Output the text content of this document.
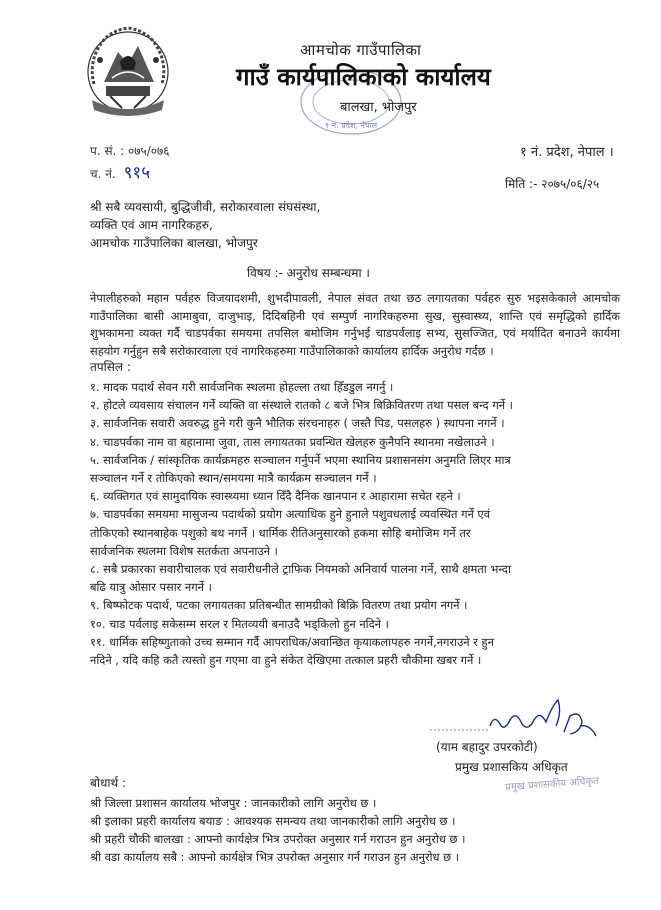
१ नं. प्रदेश, नेपाल
आमचोक गाउँपालिका
गाउँ कार्यपालिकाको कार्यालय
बालखा, भोजपुर
प. सं. : ०७५/०७६
च. नं. ९१५
१ नं. प्रदेश, नेपाल ।
मिति :- २०७५/०६/२५
श्री सबै व्यवसायी, बुद्धिजीवी, सरोकारवाला संघसंस्था,
व्यक्ति एवं आम नागरिकहरु,
आमचोक गाउँपालिका बालखा, भोजपुर
विषय :- अनुरोध सम्बन्धमा ।
नेपालीहरुको महान पर्वहरु विजयादशमी, शुभदीपावली, नेपाल संवत तथा छठ लगायतका पर्वहरु सुरु भइसकेकाले आमचोक गाउँपालिका बासी आमाबुवा, दाजुभाइ, दिदिबहिनी एवं सम्पुर्ण नागरिकहरुमा सुख, सुस्वास्थ्य, शान्ति एवं समृद्धिको हार्दिक शुभकामना व्यक्त गर्दै चाडपर्वका समयमा तपसिल बमोजिम गर्नुभई चाडपर्वलाइ सभ्य, सुसज्जित, एवं मर्यादित बनाउने कार्यमा सहयोग गर्नुहुन सबै सरोकारवाला एवं नागरिकहरुमा गाउँपालिकाको कार्यालय हार्दिक अनुरोध गर्दछ ।
तपसिल :
१. मादक पदार्थ सेवन गरी सार्वजनिक स्थलमा होहल्ला तथा हिँडडुल नगर्नु ।
२. होटले व्यवसाय संचालन गर्ने व्यक्ति वा संस्थाले रातको ८ बजे भित्र बिक्रिवितरण तथा पसल बन्द गर्ने ।
३. सार्वजनिक सवारी अवरुद्ध हुने गरी कुनै भौतिक संरचनाहरु ( जस्तै पिड, पसलहरु ) स्थापना नगर्ने ।
४. चाडपर्वका नाम वा बहानामा जुवा, तास लगायतका प्रवन्धित खेलहरु कुनैपनि स्थानमा नखेलाउने ।
५. सार्वजनिक / सांस्कृतिक कार्यक्रमहरु सञ्चालन गर्नुपर्ने भएमा स्थानिय प्रशासनसंग अनुमति लिएर मात्र
सञ्चालन गर्ने र तोकिएको स्थान/समयमा मात्रै कार्यक्रम सञ्चालन गर्ने ।
६. व्यक्तिगत एवं सामुदायिक स्वास्थ्यमा ध्यान दिँदै दैनिक खानपान र आहारामा सचेत रहने ।
७. चाडपर्वका समयमा मासुजन्य पदार्थको प्रयोग अत्याधिक हुने हुनाले पशुवधलाई व्यवस्थित गर्ने एवं
तोकिएको स्थानबाहेक पशुको बध नगर्ने । धार्मिक रीतिअनुसारको हकमा सोहि बमोजिम गर्ने तर
सार्वजनिक स्थलमा विशेष सतर्कता अपनाउने ।
८. सबै प्रकारका सवारीचालक एवं सवारीधनीले ट्राफिक नियमको अनिवार्य पालना गर्ने, साथै क्षमता भन्दा
बढि यात्रु ओसार पसार नगर्ने ।
९. बिष्फोटक पदार्थ, पटका लगायतका प्रतिबन्धीत सामग्रीको बिक्रि वितरण तथा प्रयोग नगर्ने ।
१०. चाड पर्वलाइ सकेसम्म सरल र मितव्ययी बनाउदै भड्किलो हुन नदिने ।
११. धार्मिक सहिष्णुताको उच्च सम्मान गर्दै आपराधिक/अवान्छित कृयाकलापहरु नगर्ने,नगराउने र हुन
नदिने , यदि कहि कतै त्यस्तो हुन गएमा वा हुने संकेत देखिएमा तत्काल प्रहरी चौकीमा खबर गर्ने ।
(याम बहादुर उपरकोटी)
प्रमुख प्रशासकिय अधिकृत
प्रमुख प्रशासकीय अधिकृत
बोधार्थ :
श्री जिल्ला प्रशासन कार्यालय भोजपुर : जानकारीको लागि अनुरोध छ ।
श्री इलाका प्रहरी कार्यालय बयाङ : आवश्यक समन्वय तथा जानकारीको लागि अनुरोध छ ।
श्री प्रहरी चौकी बालखा : आफ्नो कार्यक्षेत्र भित्र उपरोक्त अनुसार गर्न गराउन हुन अनुरोध छ ।
श्री वडा कार्यालय सबै : आफ्नो कार्यक्षेत्र भित्र उपरोक्त अनुसार गर्न गराउन हुन अनुरोध छ ।
